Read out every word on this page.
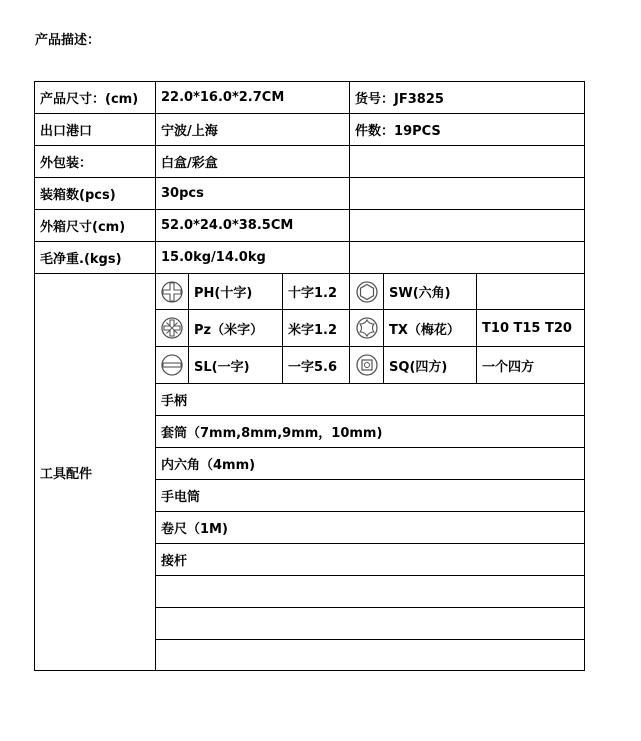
产品描述：
产品尺寸：(cm)	22.0*16.0*2.7CM			货号：JF3825		
出口港口	宁波/上海			件数：19PCS		
外包装：	白盒/彩盒					
装箱数(pcs)	30pcs					
外箱尺寸(cm)	52.0*24.0*38.5CM					
毛净重.(kgs)	15.0kg/14.0kg					
工具配件		PH(十字)	十字1.2		SW(六角)	

	Pz（米字）	米字1.2		TX（梅花）	T10 T15 T20

	SL(一字)	一字5.6		SQ(四方)	一个四方
	手柄					
	套筒（7mm,8mm,9mm，10mm)					
	内六角（4mm)					
	手电筒					
	卷尺（1M)					
	接杆					
